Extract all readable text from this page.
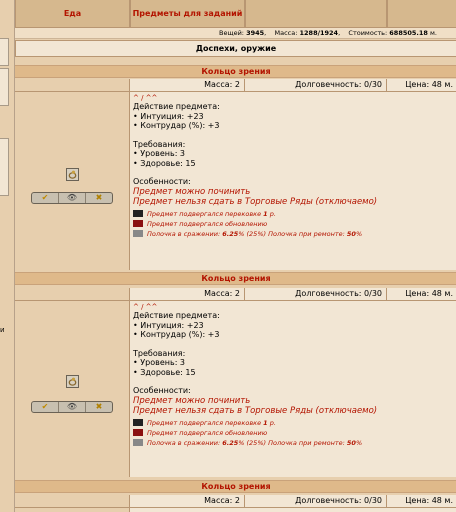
и
Еда	Предметы для заданий
Вещей: 3945,    Масса: 1288/1924,    Стоимость: 688505.18 м.
Доспехи, оружие
Кольцо зрения
Масса: 2	Долговечность: 0/30	Цена: 48 м.
✔	👁	✖
^ / ^^
Действие предмета:
• Интуиция: +23
• Контрудар (%): +3
Требования:
• Уровень: 3
• Здоровье: 15
Особенности:
Предмет можно починить
Предмет нельзя сдать в Торговые Ряды (отключаемо)
Предмет подвергался перековке
1
р.
Предмет подвергался обновлению
Полочка в сражении:
6.25 % (25%) Полочка при ремонте:
50 %
Кольцо зрения
Масса: 2	Долговечность: 0/30	Цена: 48 м.
✔	👁	✖
^ / ^^
Действие предмета:
• Интуиция: +23
• Контрудар (%): +3
Требования:
• Уровень: 3
• Здоровье: 15
Особенности:
Предмет можно починить
Предмет нельзя сдать в Торговые Ряды (отключаемо)
Предмет подвергался перековке
1
р.
Предмет подвергался обновлению
Полочка в сражении:
6.25 % (25%) Полочка при ремонте:
50 %
Кольцо зрения
Масса: 2	Долговечность: 0/30	Цена: 48 м.
